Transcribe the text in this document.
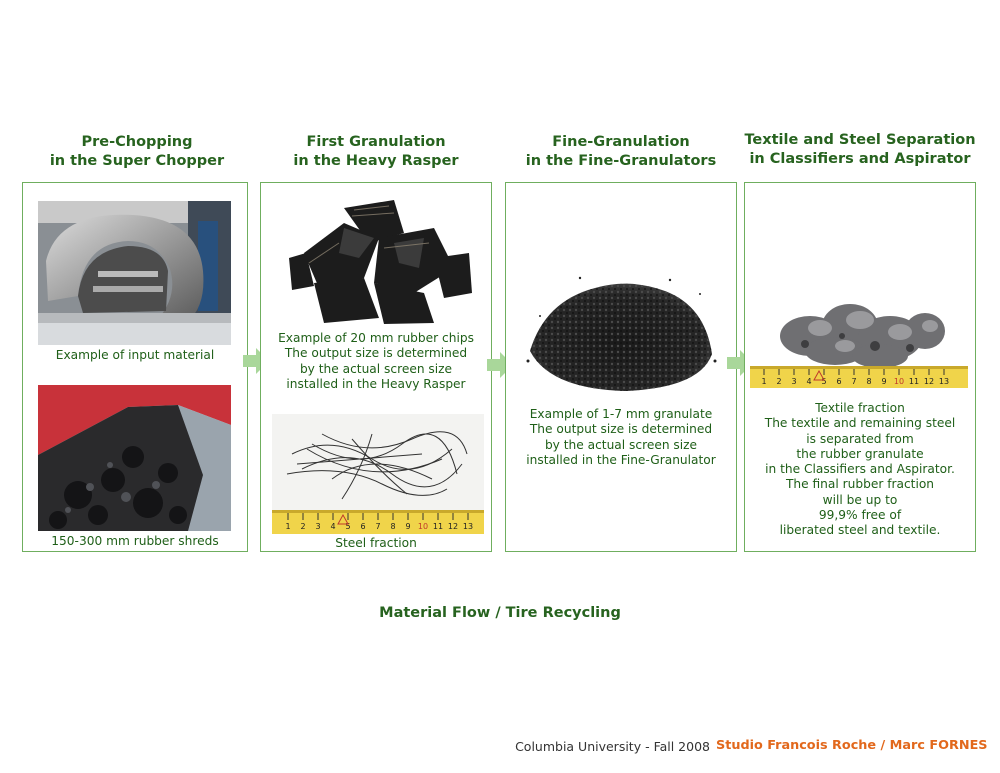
Pre-Chopping
in the Super Chopper
Example of input material
150-300 mm rubber shreds
First Granulation
in the Heavy Rasper
Example of 20 mm rubber chips
The output size is determined
by the actual screen size
installed in the Heavy Rasper
1 2 3 4 5 6 7 8 9 10 11 12 13
Steel fraction
Fine-Granulation
in the Fine-Granulators
Example of 1-7 mm granulate
The output size is determined
by the actual screen size
installed in the Fine-Granulator
Textile and Steel Separation
in Classifiers and Aspirator
1 2 3 4 5 6 7 8 9 10 11 12 13
Textile fraction
The textile and remaining steel
is separated from
the rubber granulate
in the Classifiers and Aspirator.
The final rubber fraction
will be up to
99,9% free of
liberated steel and textile.
Material Flow / Tire Recycling
Columbia University - Fall 2008 Studio Francois Roche / Marc FORNES
